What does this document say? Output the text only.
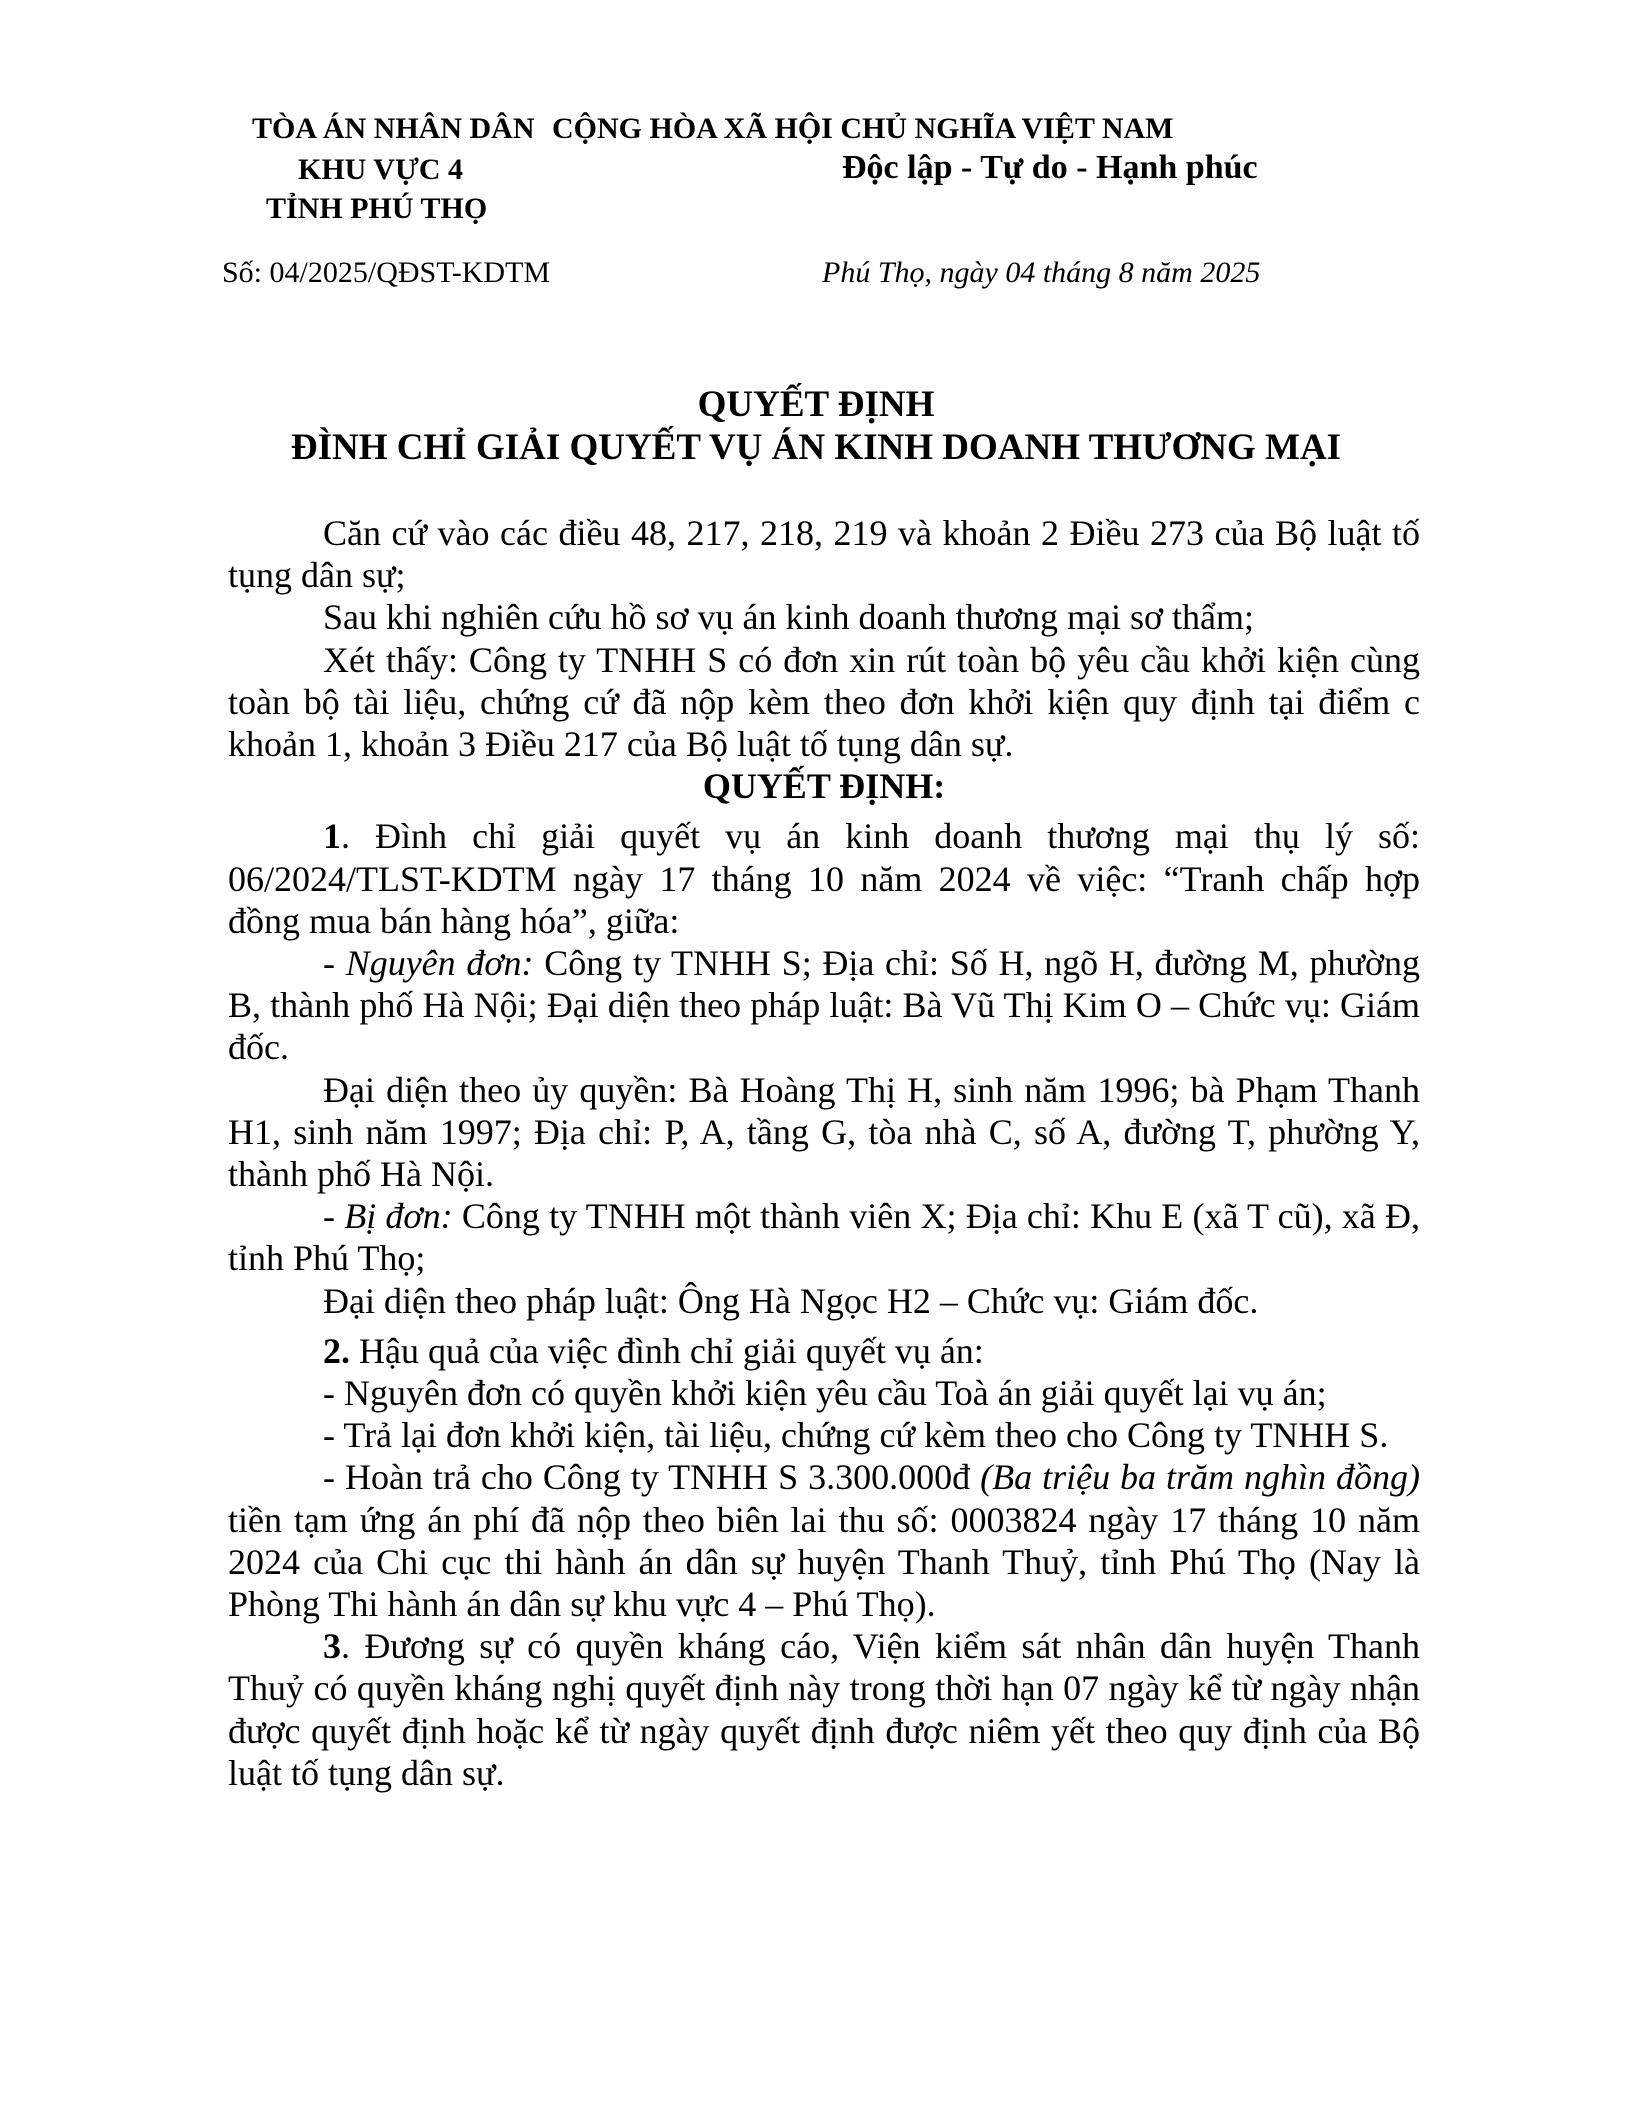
TÒA ÁN NHÂN DÂN
KHU VỰC 4
TỈNH PHÚ THỌ
CỘNG HÒA XÃ HỘI CHỦ NGHĨA VIỆT NAM
Độc lập - Tự do - Hạnh phúc
Số: 04/2025/QĐST-KDTM	Phú Thọ, ngày 04 tháng 8 năm 2025
QUYẾT ĐỊNH
ĐÌNH CHỈ GIẢI QUYẾT VỤ ÁN KINH DOANH THƯƠNG MẠI

Căn cứ vào các điều 48, 217, 218, 219 và khoản 2 Điều 273 của Bộ luật tố tụng dân sự;

Sau khi nghiên cứu hồ sơ vụ án kinh doanh thương mại sơ thẩm;

Xét thấy: Công ty TNHH S có đơn xin rút toàn bộ yêu cầu khởi kiện cùng toàn bộ tài liệu, chứng cứ đã nộp kèm theo đơn khởi kiện quy định tại điểm c khoản 1, khoản 3 Điều 217 của Bộ luật tố tụng dân sự.

QUYẾT ĐỊNH:

1. Đình chỉ giải quyết vụ án kinh doanh thương mại thụ lý số: 06/2024/TLST-KDTM ngày 17 tháng 10 năm 2024 về việc: “Tranh chấp hợp đồng mua bán hàng hóa”, giữa:

- Nguyên đơn: Công ty TNHH S; Địa chỉ: Số H, ngõ H, đường M, phường B, thành phố Hà Nội; Đại diện theo pháp luật: Bà Vũ Thị Kim O – Chức vụ: Giám đốc.

Đại diện theo ủy quyền: Bà Hoàng Thị H, sinh năm 1996; bà Phạm Thanh H1, sinh năm 1997; Địa chỉ: P, A, tầng G, tòa nhà C, số A, đường T, phường Y, thành phố Hà Nội.

- Bị đơn: Công ty TNHH một thành viên X; Địa chỉ: Khu E (xã T cũ), xã Đ, tỉnh Phú Thọ;

Đại diện theo pháp luật: Ông Hà Ngọc H2 – Chức vụ: Giám đốc.

2. Hậu quả của việc đình chỉ giải quyết vụ án:

- Nguyên đơn có quyền khởi kiện yêu cầu Toà án giải quyết lại vụ án;

- Trả lại đơn khởi kiện, tài liệu, chứng cứ kèm theo cho Công ty TNHH S.

- Hoàn trả cho Công ty TNHH S 3.300.000đ (Ba triệu ba trăm nghìn đồng) tiền tạm ứng án phí đã nộp theo biên lai thu số: 0003824 ngày 17 tháng 10 năm 2024 của Chi cục thi hành án dân sự huyện Thanh Thuỷ, tỉnh Phú Thọ (Nay là Phòng Thi hành án dân sự khu vực 4 – Phú Thọ).

3. Đương sự có quyền kháng cáo, Viện kiểm sát nhân dân huyện Thanh Thuỷ có quyền kháng nghị quyết định này trong thời hạn 07 ngày kể từ ngày nhận được quyết định hoặc kể từ ngày quyết định được niêm yết theo quy định của Bộ luật tố tụng dân sự.
